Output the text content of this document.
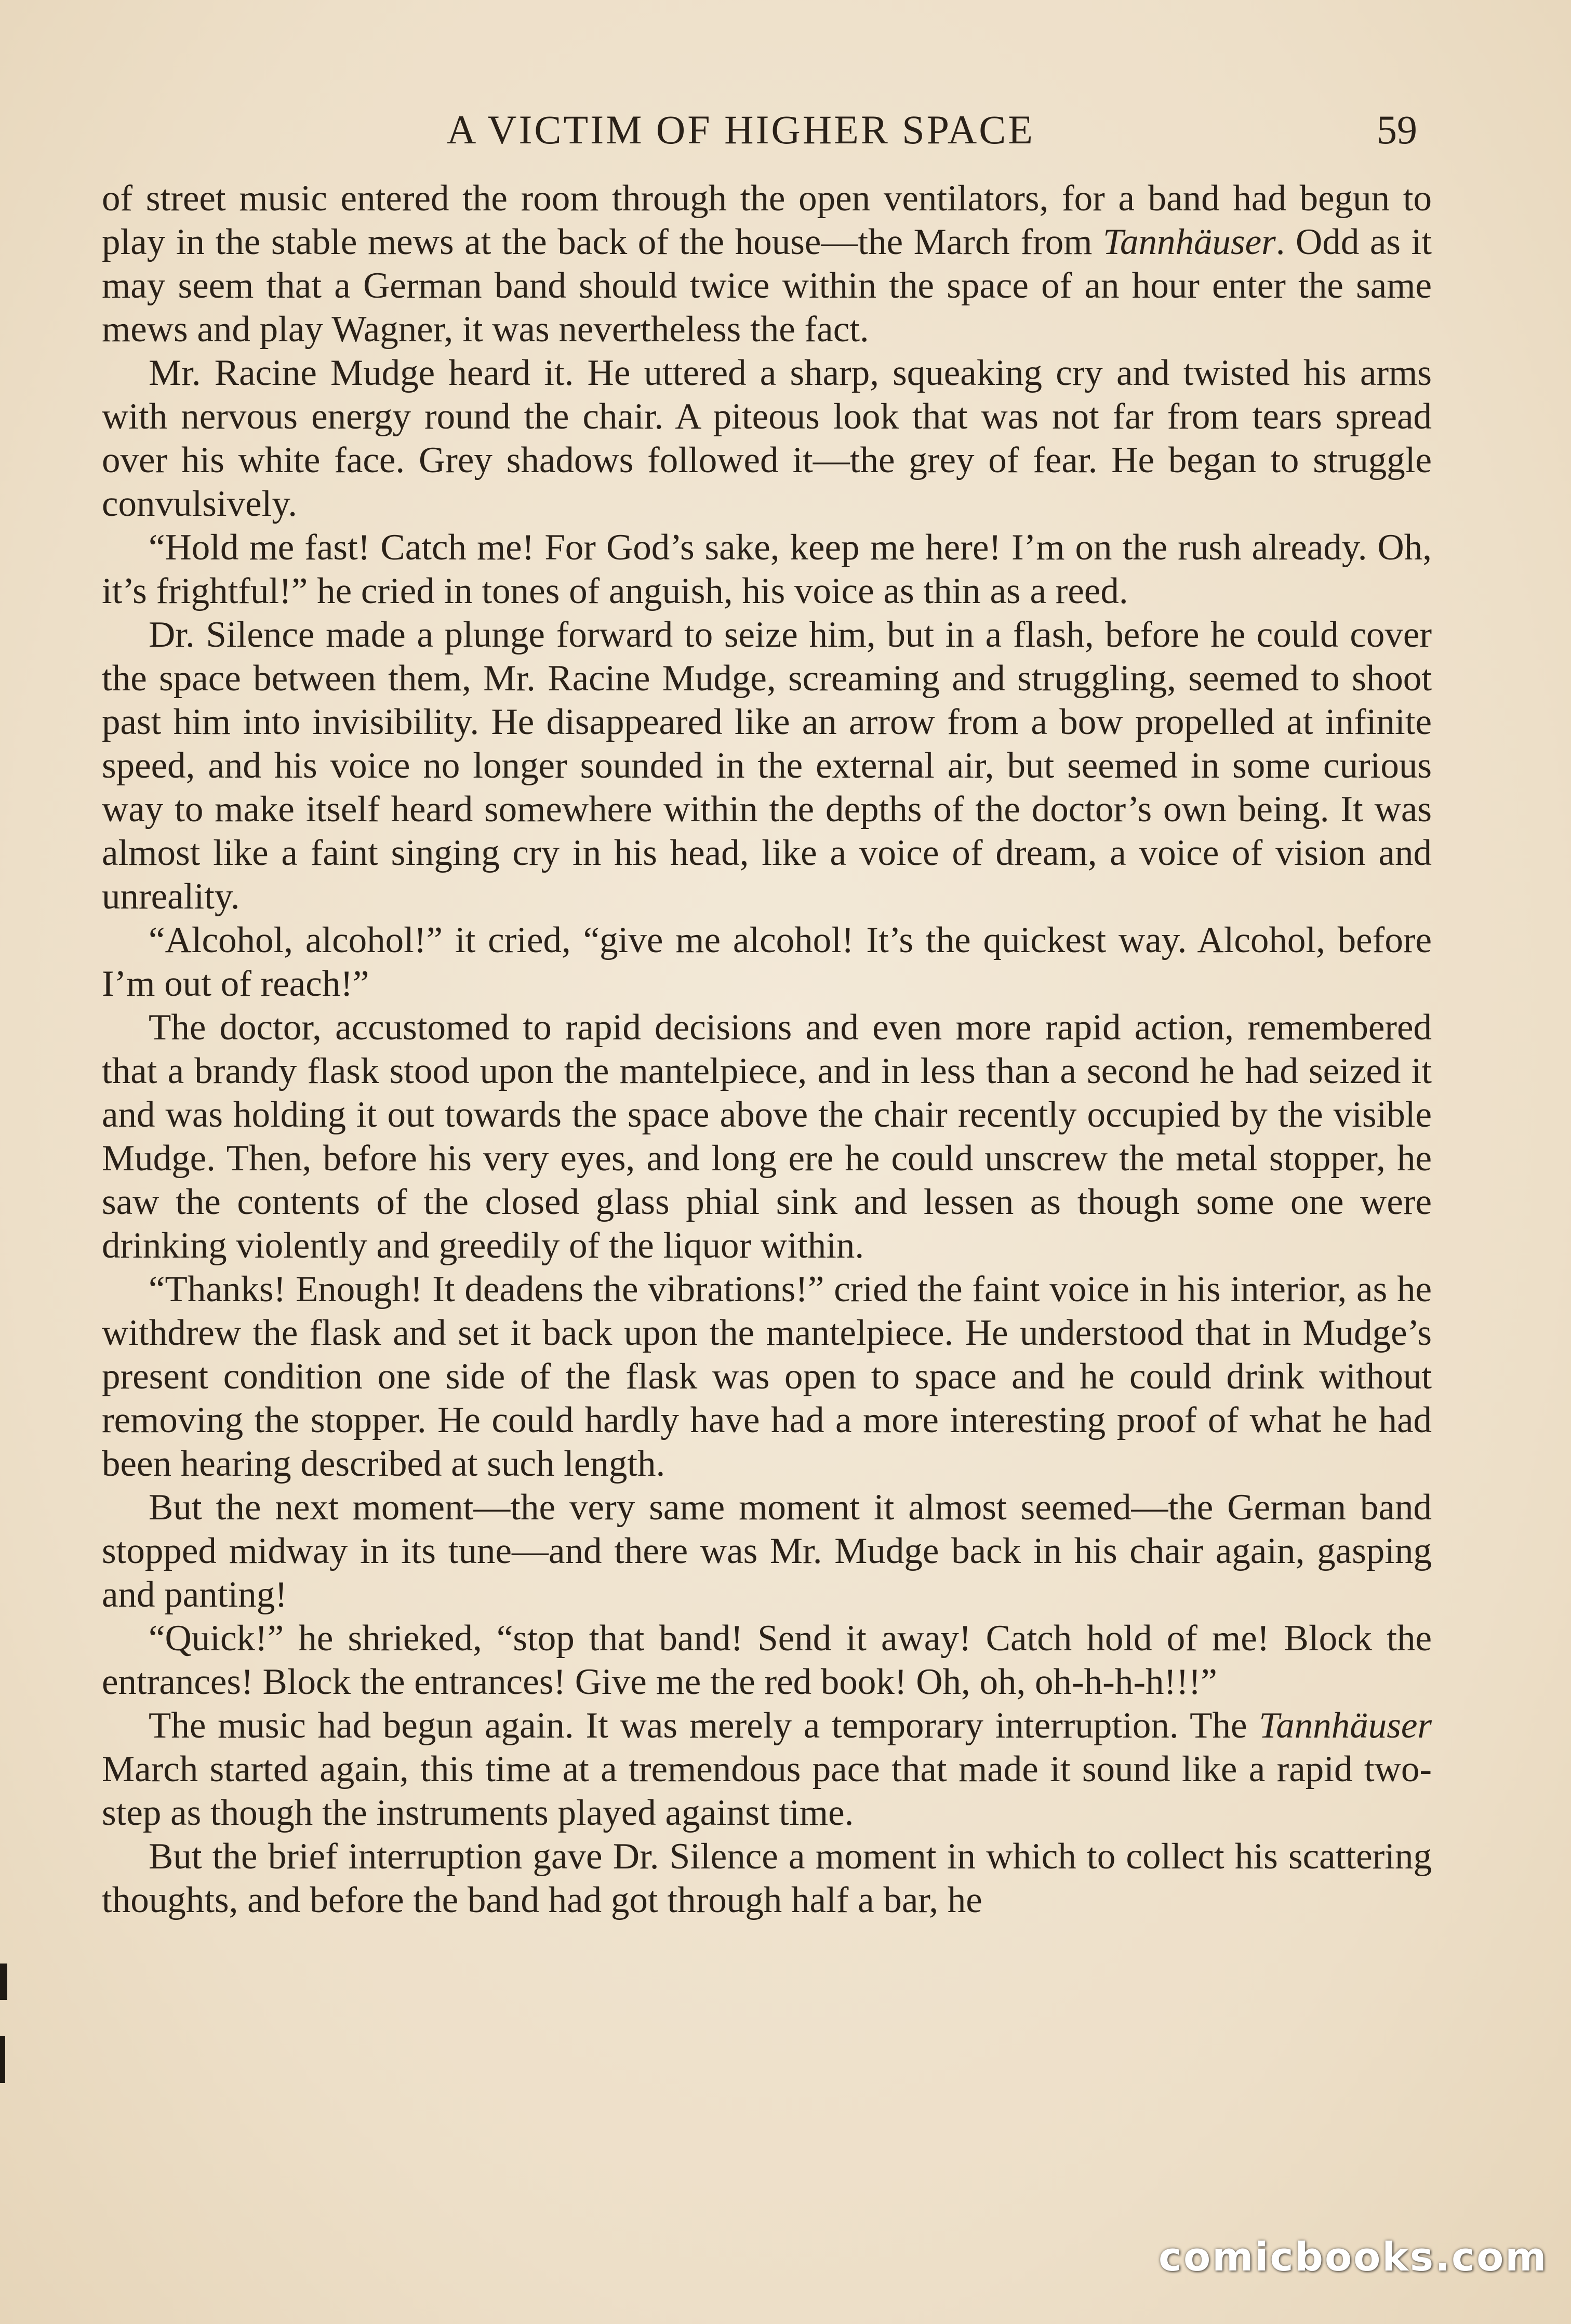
A VICTIM OF HIGHER SPACE	59

of street music entered the room through the open ventilators, for a band had begun to play in the stable mews at the back of the house—the March from Tannhäuser. Odd as it may seem that a German band should twice within the space of an hour enter the same mews and play Wagner, it was nevertheless the fact.

Mr. Racine Mudge heard it. He uttered a sharp, squeaking cry and twisted his arms with nervous energy round the chair. A piteous look that was not far from tears spread over his white face. Grey shadows followed it—the grey of fear. He began to struggle convulsively.

“Hold me fast! Catch me! For God’s sake, keep me here! I’m on the rush already. Oh, it’s frightful!” he cried in tones of anguish, his voice as thin as a reed.

Dr. Silence made a plunge forward to seize him, but in a flash, before he could cover the space between them, Mr. Racine Mudge, screaming and struggling, seemed to shoot past him into invisibility. He disappeared like an arrow from a bow propelled at infinite speed, and his voice no longer sounded in the external air, but seemed in some curious way to make itself heard somewhere within the depths of the doctor’s own being. It was almost like a faint singing cry in his head, like a voice of dream, a voice of vision and unreality.

“Alcohol, alcohol!” it cried, “give me alcohol! It’s the quickest way. Alcohol, before I’m out of reach!”

The doctor, accustomed to rapid decisions and even more rapid action, remembered that a brandy flask stood upon the mantelpiece, and in less than a second he had seized it and was holding it out towards the space above the chair recently occupied by the visible Mudge. Then, before his very eyes, and long ere he could unscrew the metal stopper, he saw the contents of the closed glass phial sink and lessen as though some one were drinking violently and greedily of the liquor within.

“Thanks! Enough! It deadens the vibrations!” cried the faint voice in his interior, as he withdrew the flask and set it back upon the mantelpiece. He understood that in Mudge’s present condition one side of the flask was open to space and he could drink without removing the stopper. He could hardly have had a more interesting proof of what he had been hearing described at such length.

But the next moment—the very same moment it almost seemed—the German band stopped midway in its tune—and there was Mr. Mudge back in his chair again, gasping and panting!

“Quick!” he shrieked, “stop that band! Send it away! Catch hold of me! Block the entrances! Block the entrances! Give me the red book! Oh, oh, oh-h-h-h!!!”

The music had begun again. It was merely a temporary interruption. The Tannhäuser March started again, this time at a tremendous pace that made it sound like a rapid two-step as though the instruments played against time.

But the brief interruption gave Dr. Silence a moment in which to collect his scattering thoughts, and before the band had got through half a bar, he

comicbooks.com
